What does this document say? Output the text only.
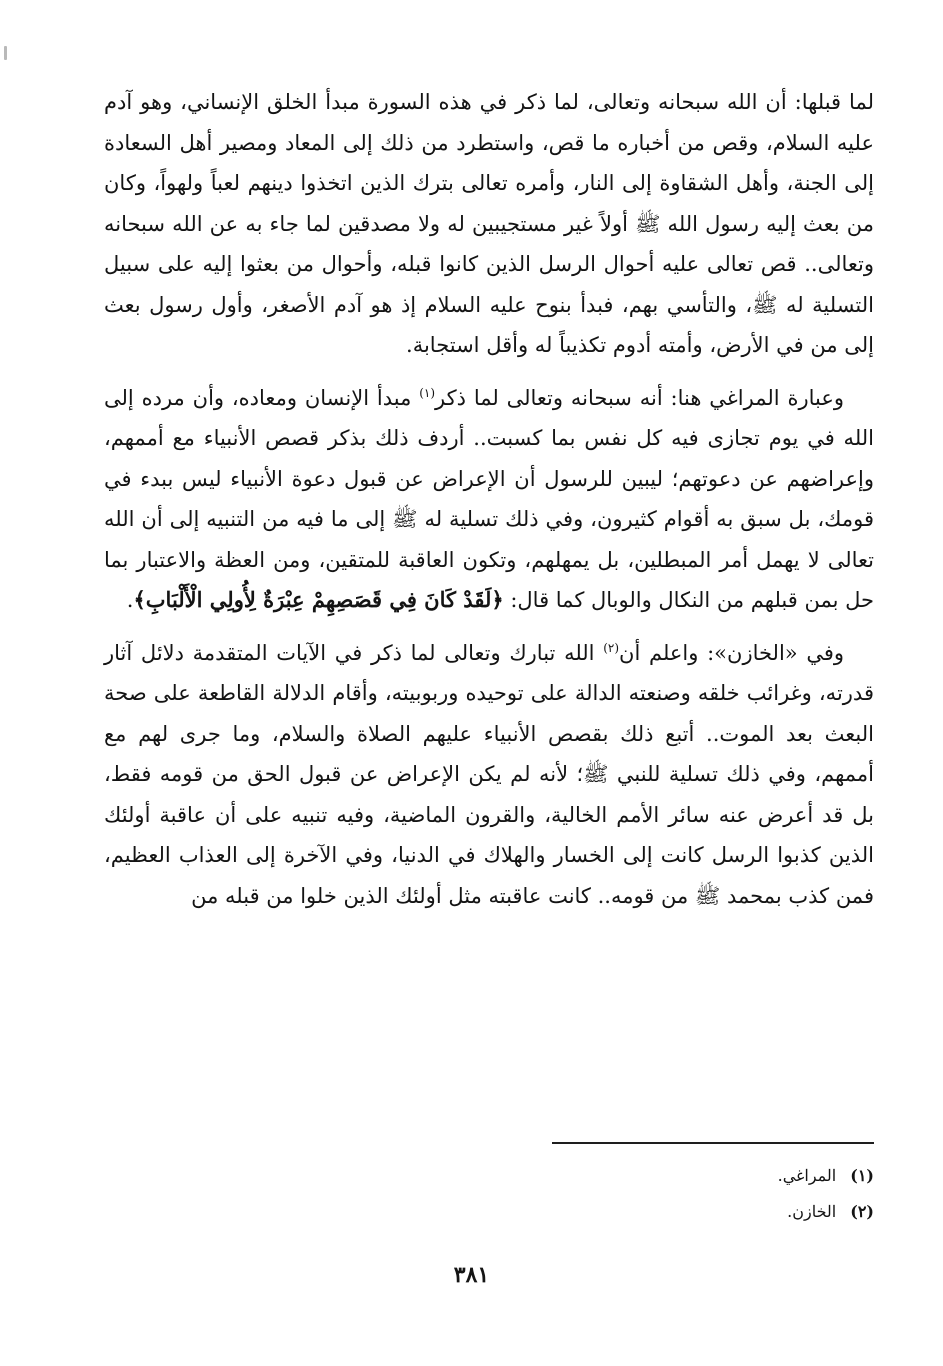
لما قبلها: أن الله سبحانه وتعالى، لما ذكر في هذه السورة مبدأ الخلق الإنساني، وهو آدم عليه السلام، وقص من أخباره ما قص، واستطرد من ذلك إلى المعاد ومصير أهل السعادة إلى الجنة، وأهل الشقاوة إلى النار، وأمره تعالى بترك الذين اتخذوا دينهم لعباً ولهواً، وكان من بعث إليه رسول الله ﷺ أولاً غير مستجيبين له ولا مصدقين لما جاء به عن الله سبحانه وتعالى.. قص تعالى عليه أحوال الرسل الذين كانوا قبله، وأحوال من بعثوا إليه على سبيل التسلية له ﷺ، والتأسي بهم، فبدأ بنوح عليه السلام إذ هو آدم الأصغر، وأول رسول بعث إلى من في الأرض، وأمته أدوم تكذيباً له وأقل استجابة.

وعبارة المراغي هنا: أنه سبحانه وتعالى لما ذكر$^{(١)}$ مبدأ الإنسان ومعاده، وأن مرده إلى الله في يوم تجازى فيه كل نفس بما كسبت.. أردف ذلك بذكر قصص الأنبياء مع أممهم، وإعراضهم عن دعوتهم؛ ليبين للرسول أن الإعراض عن قبول دعوة الأنبياء ليس ببدء في قومك، بل سبق به أقوام كثيرون، وفي ذلك تسلية له ﷺ إلى ما فيه من التنبيه إلى أن الله تعالى لا يهمل أمر المبطلين، بل يمهلهم، وتكون العاقبة للمتقين، ومن العظة والاعتبار بما حل بمن قبلهم من النكال والوبال كما قال: ﴿لَقَدْ كَانَ فِي قَصَصِهِمْ عِبْرَةٌ لِأُولِي الْأَلْبَابِ﴾.

وفي «الخازن»: واعلم أن$^{(٢)}$ الله تبارك وتعالى لما ذكر في الآيات المتقدمة دلائل آثار قدرته، وغرائب خلقه وصنعته الدالة على توحيده وربوبيته، وأقام الدلالة القاطعة على صحة البعث بعد الموت.. أتبع ذلك بقصص الأنبياء عليهم الصلاة والسلام، وما جرى لهم مع أممهم، وفي ذلك تسلية للنبي ﷺ؛ لأنه لم يكن الإعراض عن قبول الحق من قومه فقط، بل قد أعرض عنه سائر الأمم الخالية، والقرون الماضية، وفيه تنبيه على أن عاقبة أولئك الذين كذبوا الرسل كانت إلى الخسار والهلاك في الدنيا، وفي الآخرة إلى العذاب العظيم، فمن كذب بمحمد ﷺ من قومه.. كانت عاقبته مثل أولئك الذين خلوا من قبله من

(١)المراغي.
(٢)الخازن.
٣٨١
